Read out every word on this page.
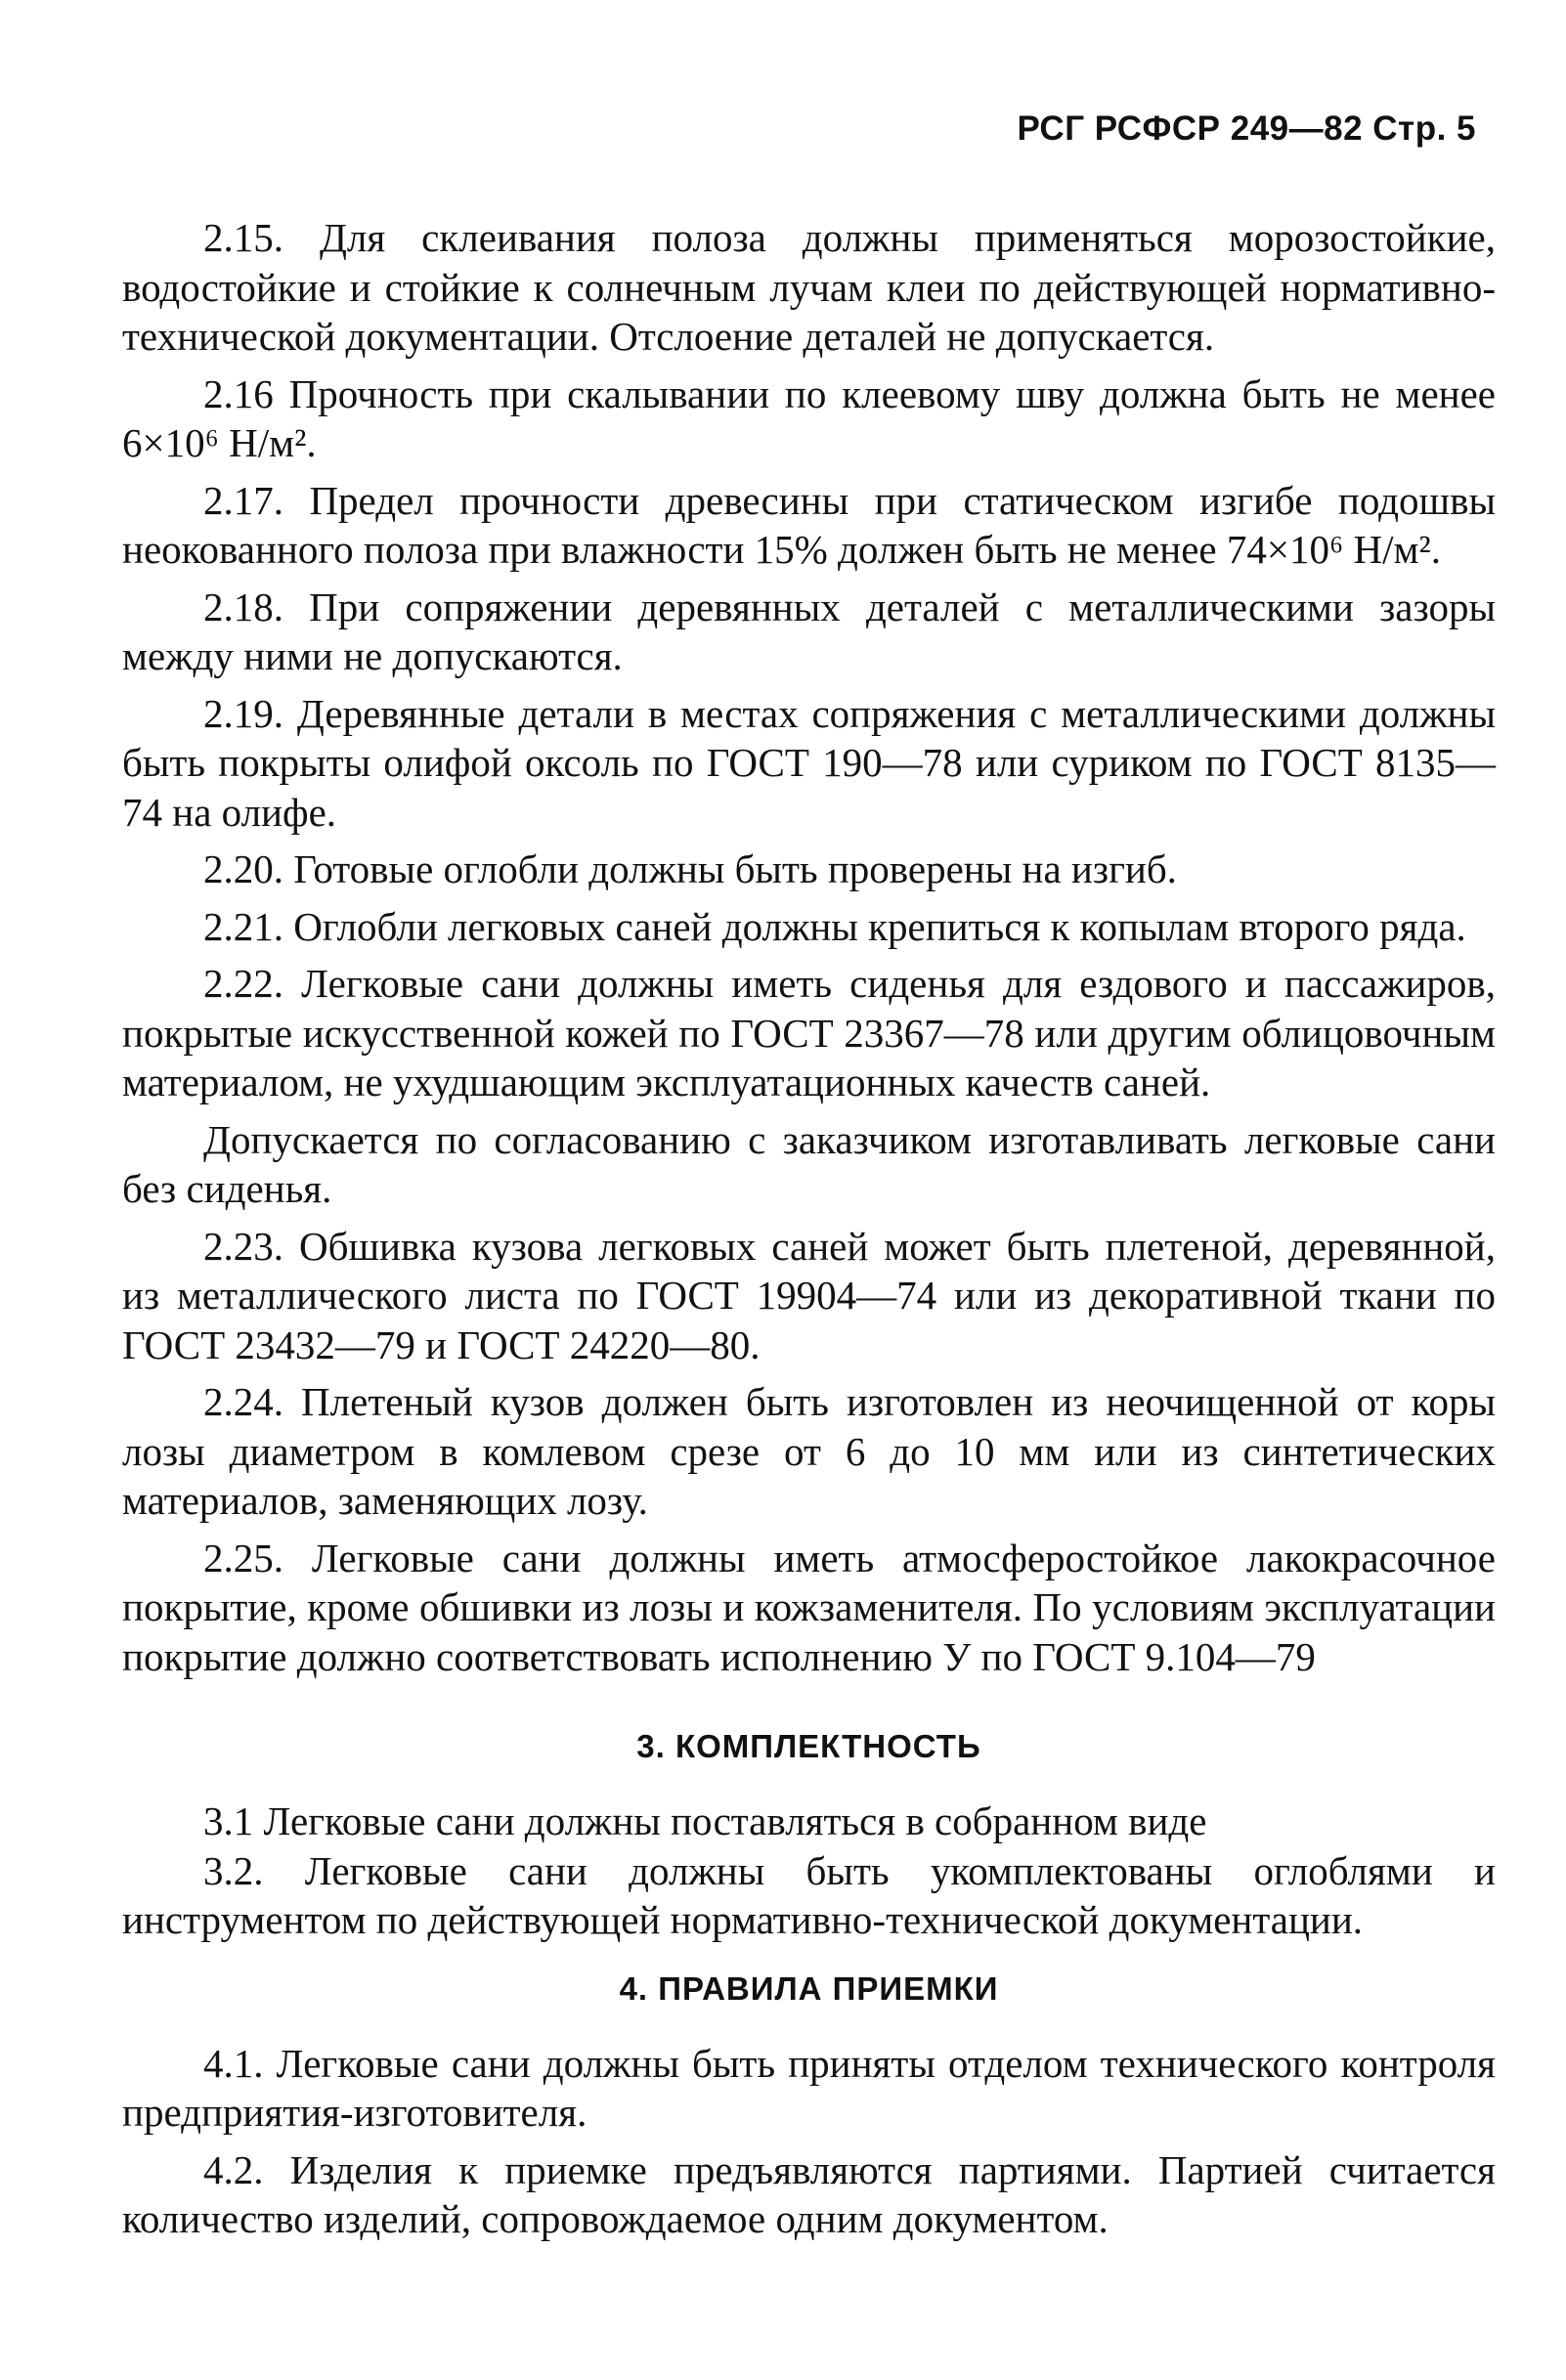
РСГ РСФСР 249—82 Стр. 5

2.15. Для склеивания полоза должны применяться морозостойкие, водостойкие и стойкие к солнечным лучам клеи по действующей нормативно-технической документации. Отслоение деталей не допускается.

2.16 Прочность при скалывании по клеевому шву должна быть не менее 6×10⁶ Н/м².

2.17. Предел прочности древесины при статическом изгибе подошвы неокованного полоза при влажности 15% должен быть не менее 74×10⁶ Н/м².

2.18. При сопряжении деревянных деталей с металлическими зазоры между ними не допускаются.

2.19. Деревянные детали в местах сопряжения с металлическими должны быть покрыты олифой оксоль по ГОСТ 190—78 или суриком по ГОСТ 8135—74 на олифе.

2.20. Готовые оглобли должны быть проверены на изгиб.

2.21. Оглобли легковых саней должны крепиться к копылам второго ряда.

2.22. Легковые сани должны иметь сиденья для ездового и пассажиров, покрытые искусственной кожей по ГОСТ 23367—78 или другим облицовочным материалом, не ухудшающим эксплуатационных качеств саней.

Допускается по согласованию с заказчиком изготавливать легковые сани без сиденья.

2.23. Обшивка кузова легковых саней может быть плетеной, деревянной, из металлического листа по ГОСТ 19904—74 или из декоративной ткани по ГОСТ 23432—79 и ГОСТ 24220—80.

2.24. Плетеный кузов должен быть изготовлен из неочищенной от коры лозы диаметром в комлевом срезе от 6 до 10 мм или из синтетических материалов, заменяющих лозу.

2.25. Легковые сани должны иметь атмосферостойкое лакокрасочное покрытие, кроме обшивки из лозы и кожзаменителя. По условиям эксплуатации покрытие должно соответствовать исполнению У по ГОСТ 9.104—79

3. КОМПЛЕКТНОСТЬ

3.1 Легковые сани должны поставляться в собранном виде

3.2. Легковые сани должны быть укомплектованы оглоблями и инструментом по действующей нормативно-технической документации.

4. ПРАВИЛА ПРИЕМКИ

4.1. Легковые сани должны быть приняты отделом технического контроля предприятия-изготовителя.

4.2. Изделия к приемке предъявляются партиями. Партией считается количество изделий, сопровождаемое одним документом.
